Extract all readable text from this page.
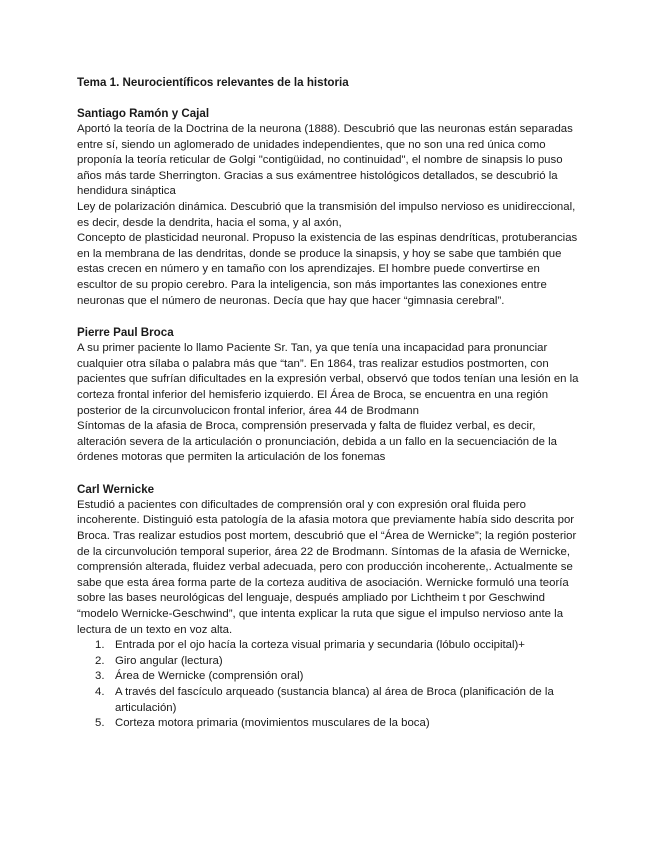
Tema 1. Neurocientíficos relevantes de la historia
Santiago Ramón y Cajal

Aportó la teoría de la Doctrina de la neurona (1888). Descubrió que las neuronas están separadas entre sí, siendo un aglomerado de unidades independientes, que no son una red única como proponía la teoría reticular de Golgi "contigüidad, no continuidad", el nombre de sinapsis lo puso años más tarde Sherrington. Gracias a sus exámentree histológicos detallados, se descubrió la hendidura sináptica

Ley de polarización dinámica. Descubrió que la transmisión del impulso nervioso es unidireccional, es decir, desde la dendrita, hacia el soma, y al axón,

Concepto de plasticidad neuronal. Propuso la existencia de las espinas dendríticas, protuberancias en la membrana de las dendritas, donde se produce la sinapsis, y hoy se sabe que también que estas crecen en número y en tamaño con los aprendizajes. El hombre puede convertirse en escultor de su propio cerebro. Para la inteligencia, son más importantes las conexiones entre neuronas que el número de neuronas. Decía que hay que hacer “gimnasia cerebral”.

Pierre Paul Broca

A su primer paciente lo llamo Paciente Sr. Tan, ya que tenía una incapacidad para pronunciar cualquier otra sílaba o palabra más que “tan”. En 1864, tras realizar estudios postmorten, con pacientes que sufrían dificultades en la expresión verbal, observó que todos tenían una lesión en la corteza frontal inferior del hemisferio izquierdo. El Área de Broca, se encuentra en una región posterior de la circunvolucicon frontal inferior, área 44 de Brodmann

Síntomas de la afasia de Broca, comprensión preservada y falta de fluidez verbal, es decir, alteración severa de la articulación o pronunciación, debida a un fallo en la secuenciación de la órdenes motoras que permiten la articulación de los fonemas

Carl Wernicke

Estudió a pacientes con dificultades de comprensión oral y con expresión oral fluida pero incoherente. Distinguió esta patología de la afasia motora que previamente había sido descrita por Broca. Tras realizar estudios post mortem, descubrió que el “Área de Wernicke”; la región posterior de la circunvolución temporal superior, área 22 de Brodmann. Síntomas de la afasia de Wernicke, comprensión alterada, fluidez verbal adecuada, pero con producción incoherente,. Actualmente se sabe que esta área forma parte de la corteza auditiva de asociación. Wernicke formuló una teoría sobre las bases neurológicas del lenguaje, después ampliado por Lichtheim t por Geschwind “modelo Wernicke-Geschwind”, que intenta explicar la ruta que sigue el impulso nervioso ante la lectura de un texto en voz alta.

Entrada por el ojo hacía la corteza visual primaria y secundaria (lóbulo occipital)+
Giro angular (lectura)
Área de Wernicke (comprensión oral)
A través del fascículo arqueado (sustancia blanca) al área de Broca (planificación de la articulación)
Corteza motora primaria (movimientos musculares de la boca)
